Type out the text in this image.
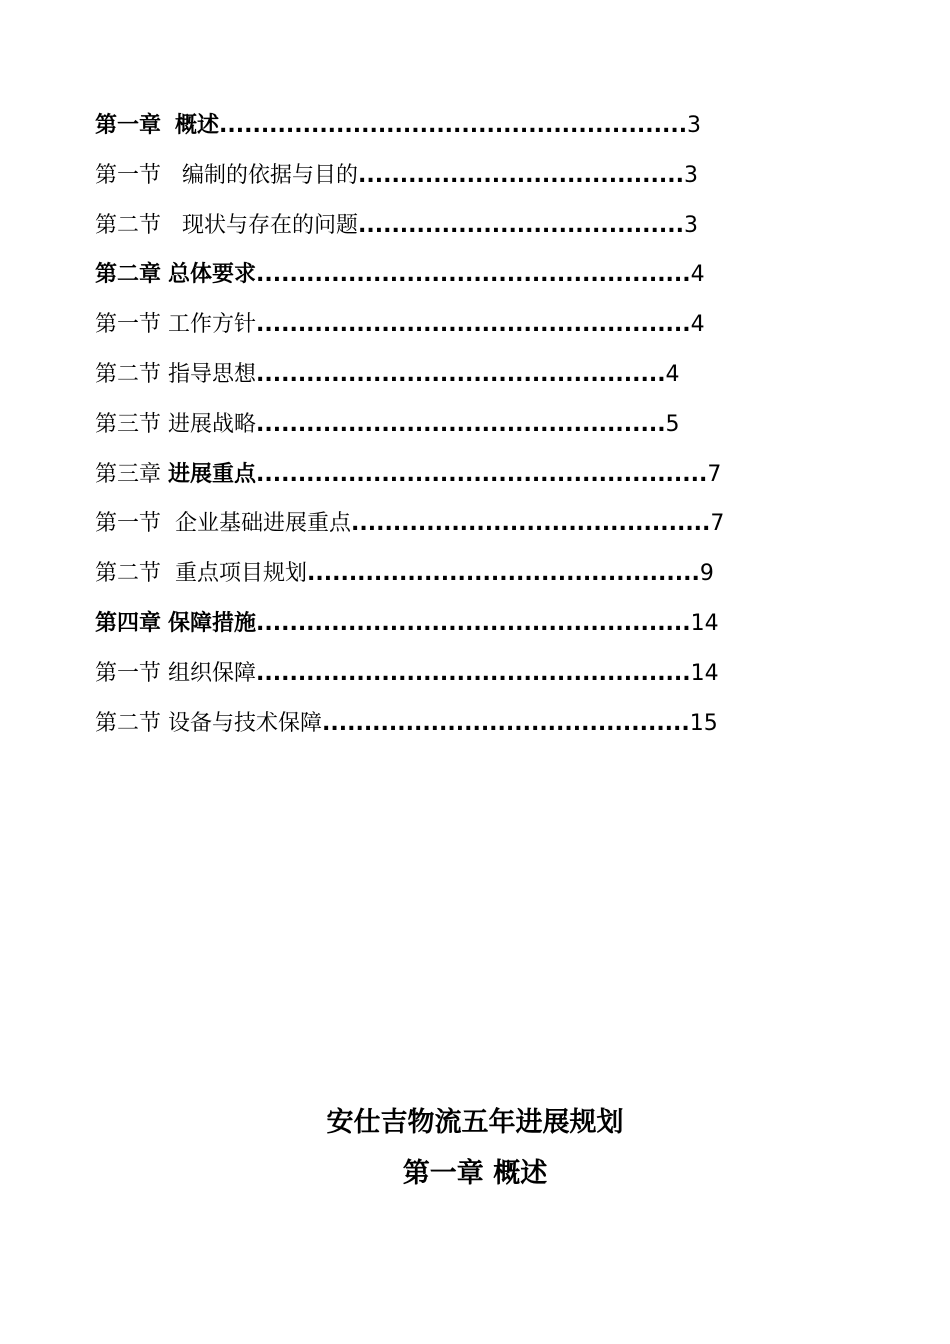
第一章 概述........................................................3
第一节 编制的依据与目的.......................................3
第二节 现状与存在的问题.......................................3
第二章 总体要求....................................................4
第一节 工作方针....................................................4
第二节 指导思想.................................................4
第三节 进展战略.................................................5
第三章 进展重点......................................................7
第一节 企业基础进展重点...........................................7
第二节 重点项目规划...............................................9
第四章 保障措施....................................................14
第一节 组织保障....................................................14
第二节 设备与技术保障............................................15
安仕吉物流五年进展规划
第一章 概述
